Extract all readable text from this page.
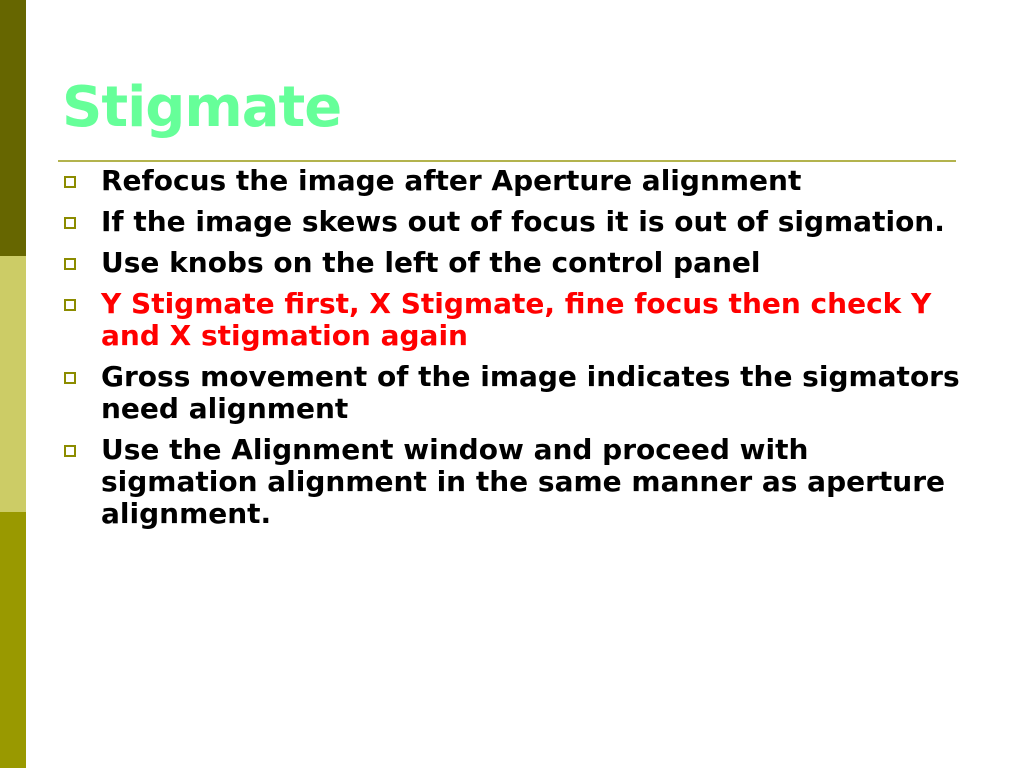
Stigmate
Refocus the image after Aperture alignment
If the image skews out of focus it is out of sigmation.
Use knobs on the left of the control panel
Y Stigmate first, X Stigmate, fine focus then check Y and X stigmation again
Gross movement of the image indicates the sigmators need alignment
Use the Alignment window and proceed with sigmation alignment in the same manner as aperture alignment.
